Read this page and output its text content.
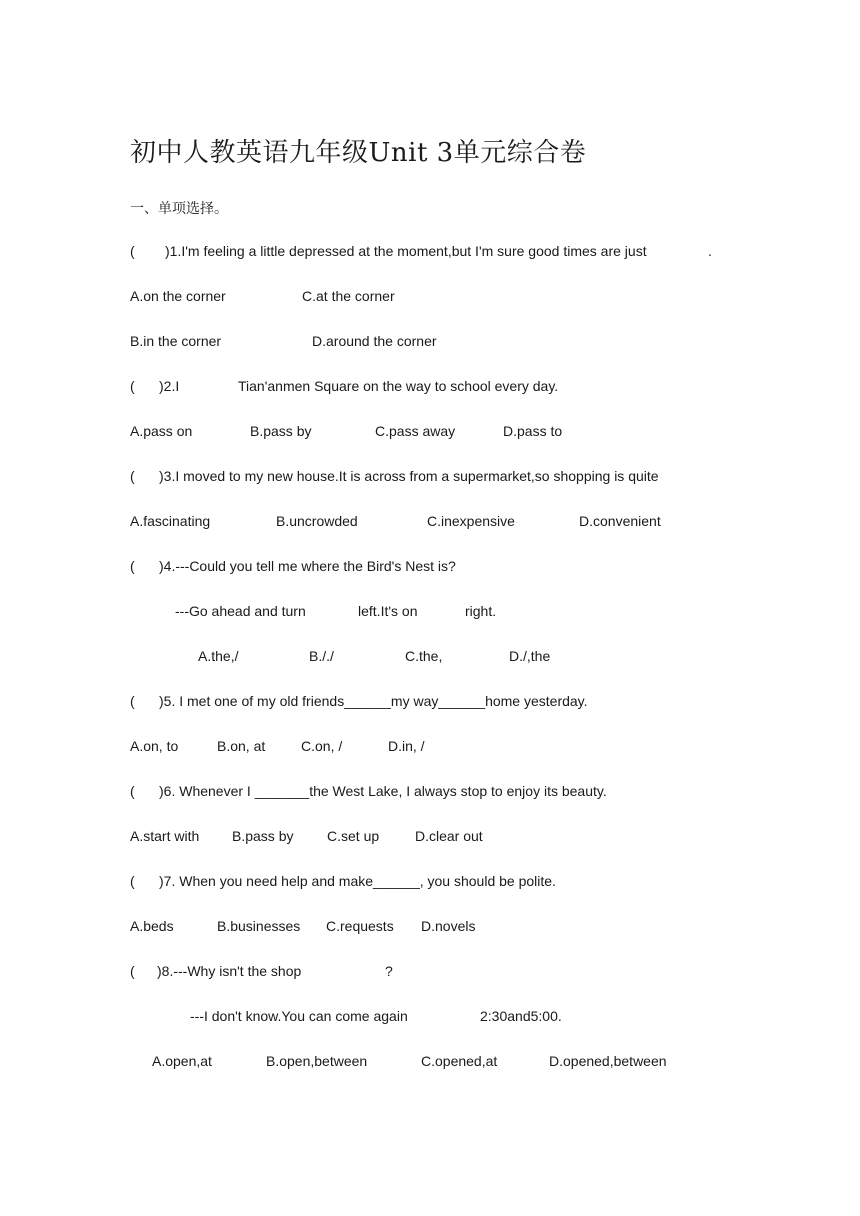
初中人教英语九年级Unit 3单元综合卷
一、单项选择。

(

)1.I'm feeling a little depressed at the moment,but I'm sure good times are just

	.

A.on the corner

	C.at the corner

B.in the corner

	D.around the corner

(

)2.I

	Tian'anmen Square on the way to school every day.

A.pass on

	B.pass by

	C.pass away

	D.pass to

(

)3.I moved to my new house.It is across from a supermarket,so shopping is quite

A.fascinating

	B.uncrowded

	C.inexpensive

	D.convenient

(

)4.---Could you tell me where the Bird's Nest is?

---Go ahead and turn

	left.It's on

	right.

A.the,/

	B././

	C.the,

	D./,the

(

)5. I met one of my old friends______my way______home yesterday.

A.on, to

	B.on, at

	C.on, /

	D.in, /

(

)6. Whenever I _______the West Lake, I always stop to enjoy its beauty.

A.start with

B.pass by

C.set up

	D.clear out

(

)7. When you need help and make______, you should be polite.

A.beds

	B.businesses

C.requests

D.novels

(

)8.---Why isn't the shop

	?

---I don't know.You can come again

	2:30and5:00.

A.open,at

	B.open,between

	C.opened,at

	D.opened,between
